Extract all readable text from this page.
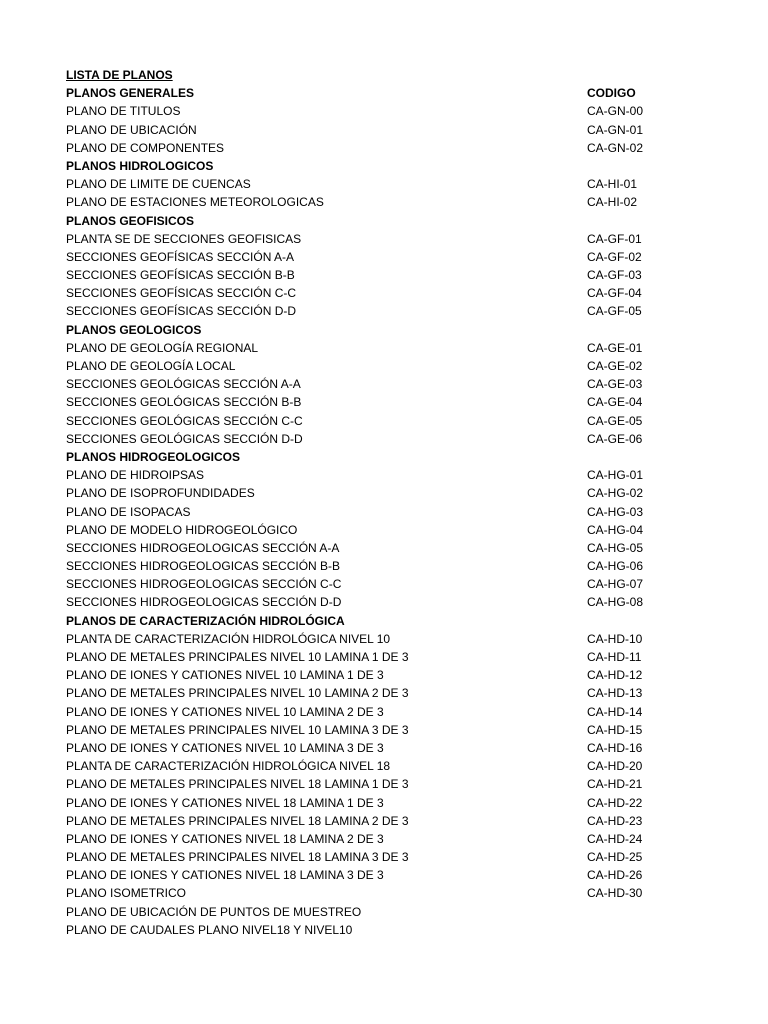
LISTA DE PLANOS
PLANOS GENERALES	CODIGO
PLANO DE TITULOS	CA-GN-00
PLANO DE UBICACIÓN	CA-GN-01
PLANO DE COMPONENTES	CA-GN-02
PLANOS HIDROLOGICOS
PLANO DE LIMITE DE CUENCAS	CA-HI-01
PLANO DE ESTACIONES METEOROLOGICAS	CA-HI-02
PLANOS GEOFISICOS
PLANTA SE DE SECCIONES GEOFISICAS	CA-GF-01
SECCIONES GEOFÍSICAS SECCIÓN A-A	CA-GF-02
SECCIONES GEOFÍSICAS SECCIÓN B-B	CA-GF-03
SECCIONES GEOFÍSICAS SECCIÓN C-C	CA-GF-04
SECCIONES GEOFÍSICAS SECCIÓN D-D	CA-GF-05
PLANOS GEOLOGICOS
PLANO DE GEOLOGÍA REGIONAL	CA-GE-01
PLANO DE GEOLOGÍA LOCAL	CA-GE-02
SECCIONES GEOLÓGICAS SECCIÓN A-A	CA-GE-03
SECCIONES GEOLÓGICAS SECCIÓN B-B	CA-GE-04
SECCIONES GEOLÓGICAS SECCIÓN C-C	CA-GE-05
SECCIONES GEOLÓGICAS SECCIÓN D-D	CA-GE-06
PLANOS HIDROGEOLOGICOS
PLANO DE HIDROIPSAS	CA-HG-01
PLANO DE ISOPROFUNDIDADES	CA-HG-02
PLANO DE ISOPACAS	CA-HG-03
PLANO DE MODELO HIDROGEOLÓGICO	CA-HG-04
SECCIONES HIDROGEOLOGICAS SECCIÓN A-A	CA-HG-05
SECCIONES HIDROGEOLOGICAS SECCIÓN B-B	CA-HG-06
SECCIONES HIDROGEOLOGICAS SECCIÓN C-C	CA-HG-07
SECCIONES HIDROGEOLOGICAS SECCIÓN D-D	CA-HG-08
PLANOS DE CARACTERIZACIÓN HIDROLÓGICA
PLANTA DE CARACTERIZACIÓN HIDROLÓGICA NIVEL 10	CA-HD-10
PLANO DE METALES PRINCIPALES NIVEL 10 LAMINA 1 DE 3	CA-HD-11
PLANO DE IONES Y CATIONES NIVEL 10 LAMINA 1 DE 3	CA-HD-12
PLANO DE METALES PRINCIPALES NIVEL 10 LAMINA 2 DE 3	CA-HD-13
PLANO DE IONES Y CATIONES NIVEL 10 LAMINA 2 DE 3	CA-HD-14
PLANO DE METALES PRINCIPALES NIVEL 10 LAMINA 3 DE 3	CA-HD-15
PLANO DE IONES Y CATIONES NIVEL 10 LAMINA 3 DE 3	CA-HD-16
PLANTA DE CARACTERIZACIÓN HIDROLÓGICA NIVEL 18	CA-HD-20
PLANO DE METALES PRINCIPALES NIVEL 18 LAMINA 1 DE 3	CA-HD-21
PLANO DE IONES Y CATIONES NIVEL 18 LAMINA 1 DE 3	CA-HD-22
PLANO DE METALES PRINCIPALES NIVEL 18 LAMINA 2 DE 3	CA-HD-23
PLANO DE IONES Y CATIONES NIVEL 18 LAMINA 2 DE 3	CA-HD-24
PLANO DE METALES PRINCIPALES NIVEL 18 LAMINA 3 DE 3	CA-HD-25
PLANO DE IONES Y CATIONES NIVEL 18 LAMINA 3 DE 3	CA-HD-26
PLANO ISOMETRICO	CA-HD-30
PLANO DE UBICACIÓN DE PUNTOS DE MUESTREO
PLANO DE CAUDALES PLANO NIVEL18 Y NIVEL10
